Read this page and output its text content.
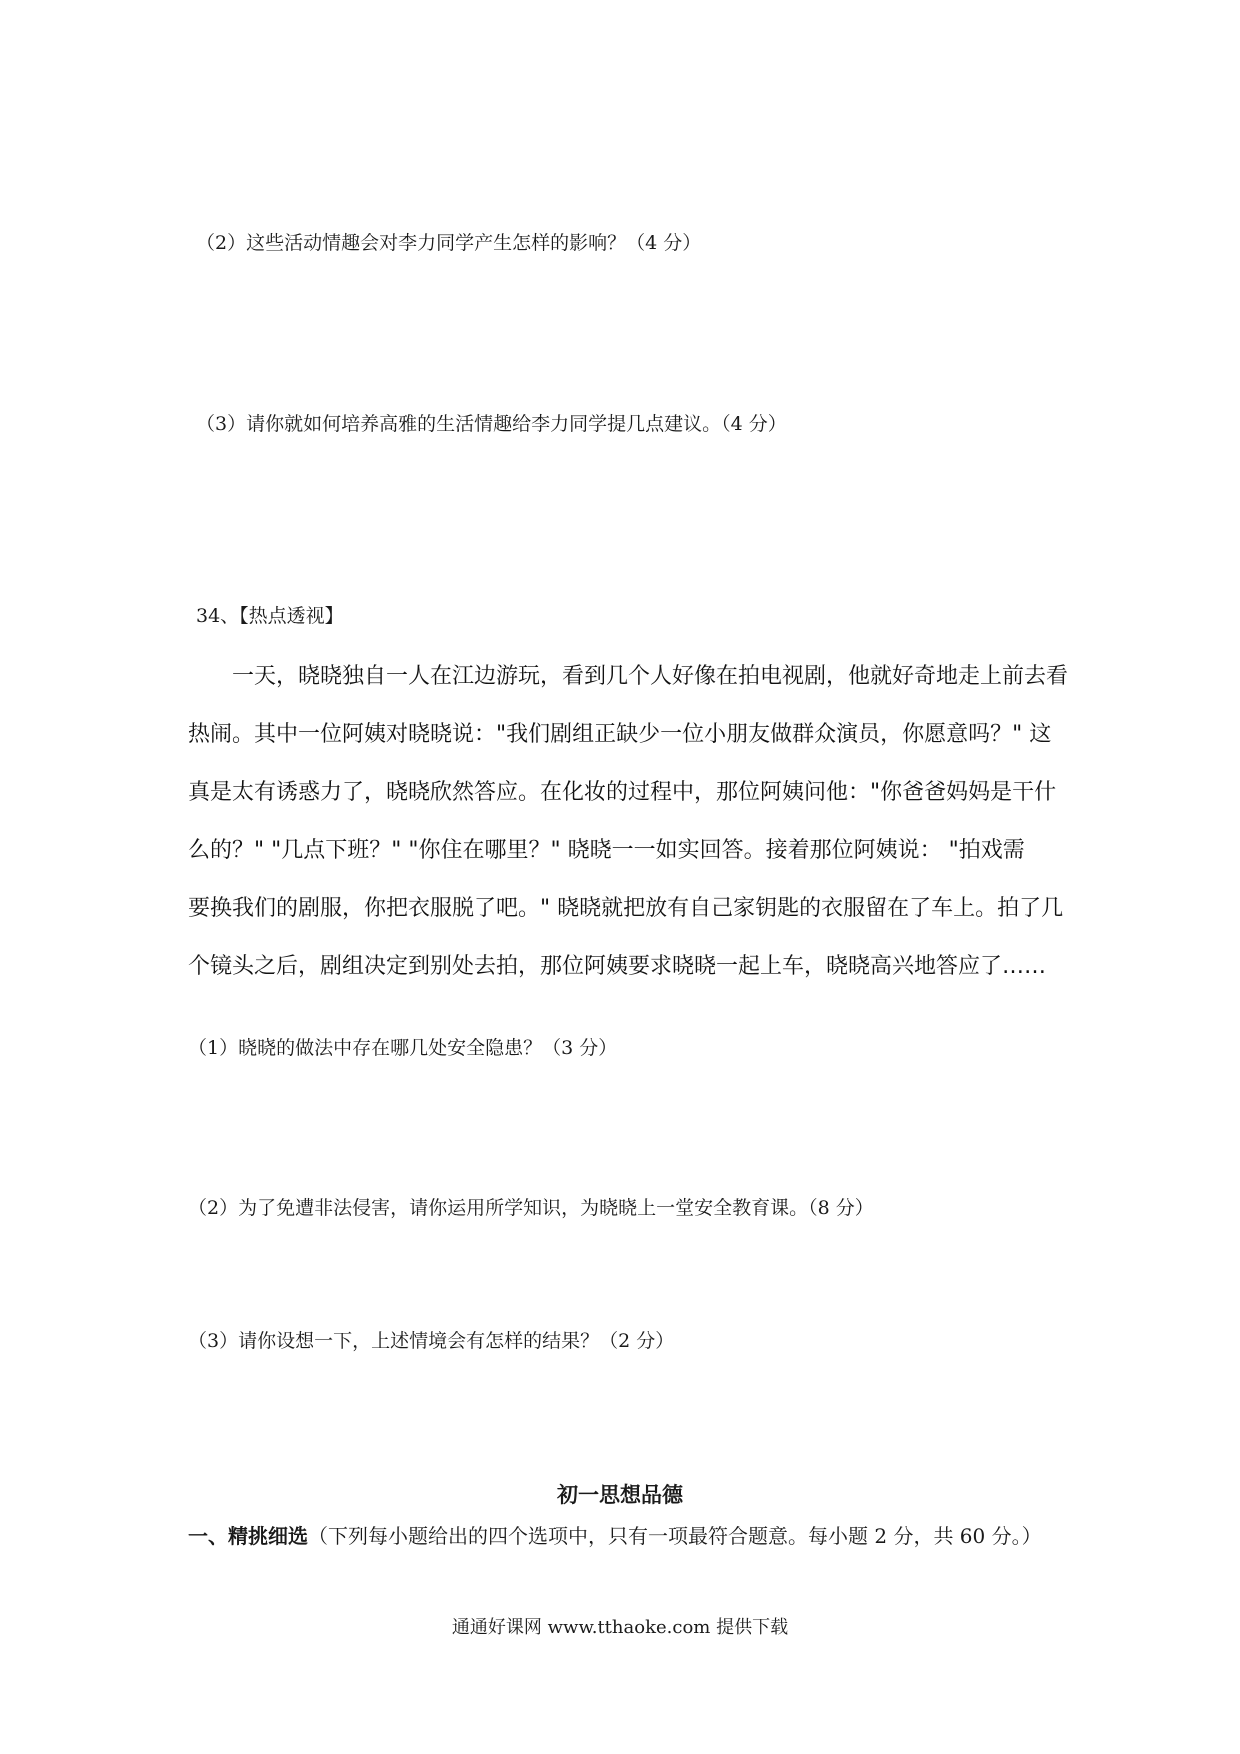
（2）这些活动情趣会对李力同学产生怎样的影响？（4 分）
（3）请你就如何培养高雅的生活情趣给李力同学提几点建议。（4 分）
34、【热点透视】
一天，晓晓独自一人在江边游玩，看到几个人好像在拍电视剧，他就好奇地走上前去看
热闹。其中一位阿姨对晓晓说："我们剧组正缺少一位小朋友做群众演员，你愿意吗？" 这
真是太有诱惑力了，晓晓欣然答应。在化妆的过程中，那位阿姨问他："你爸爸妈妈是干什
么的？" "几点下班？" "你住在哪里？" 晓晓一一如实回答。接着那位阿姨说： "拍戏需
要换我们的剧服，你把衣服脱了吧。" 晓晓就把放有自己家钥匙的衣服留在了车上。拍了几
个镜头之后，剧组决定到别处去拍，那位阿姨要求晓晓一起上车，晓晓高兴地答应了……
（1）晓晓的做法中存在哪几处安全隐患？（3 分）
（2）为了免遭非法侵害，请你运用所学知识，为晓晓上一堂安全教育课。（8 分）
（3）请你设想一下，上述情境会有怎样的结果？（2 分）
初一思想品德
一、精挑细选（下列每小题给出的四个选项中，只有一项最符合题意。每小题 2 分，共 60 分。）
通通好课网 www.tthaoke.com 提供下载
